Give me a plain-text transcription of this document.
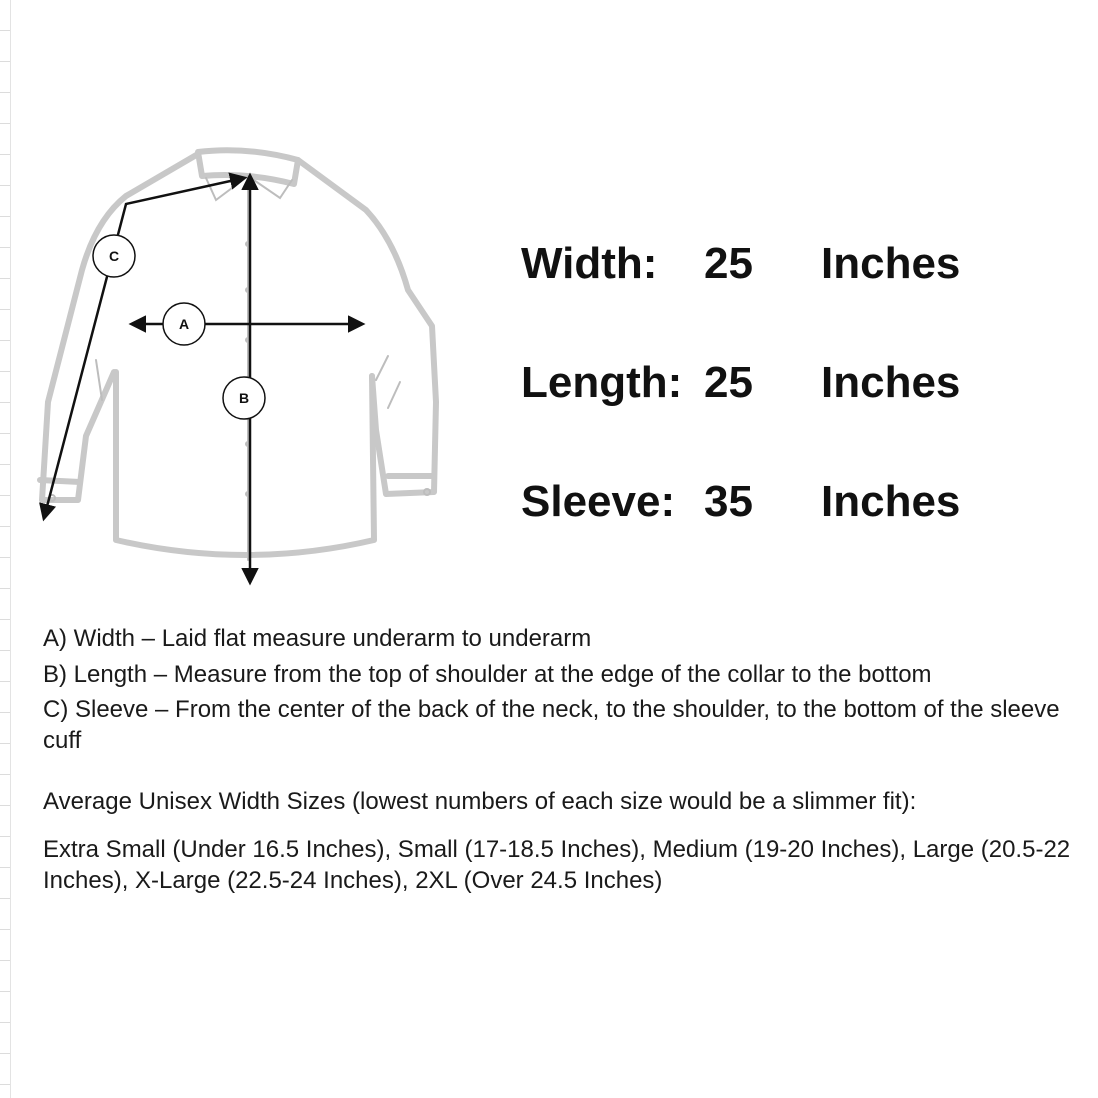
C
A
B
Width: 25 Inches
Length: 25 Inches
Sleeve: 35 Inches
A) Width – Laid flat measure underarm to underarm
B) Length – Measure from the top of shoulder at the edge of the collar to the bottom
C) Sleeve – From the center of the back of the neck, to the shoulder, to the bottom of the sleeve cuff
Average Unisex Width Sizes (lowest numbers of each size would be a slimmer fit):
Extra Small (Under 16.5 Inches), Small (17-18.5 Inches), Medium (19-20 Inches), Large (20.5-22 Inches), X-Large (22.5-24 Inches), 2XL (Over 24.5 Inches)
